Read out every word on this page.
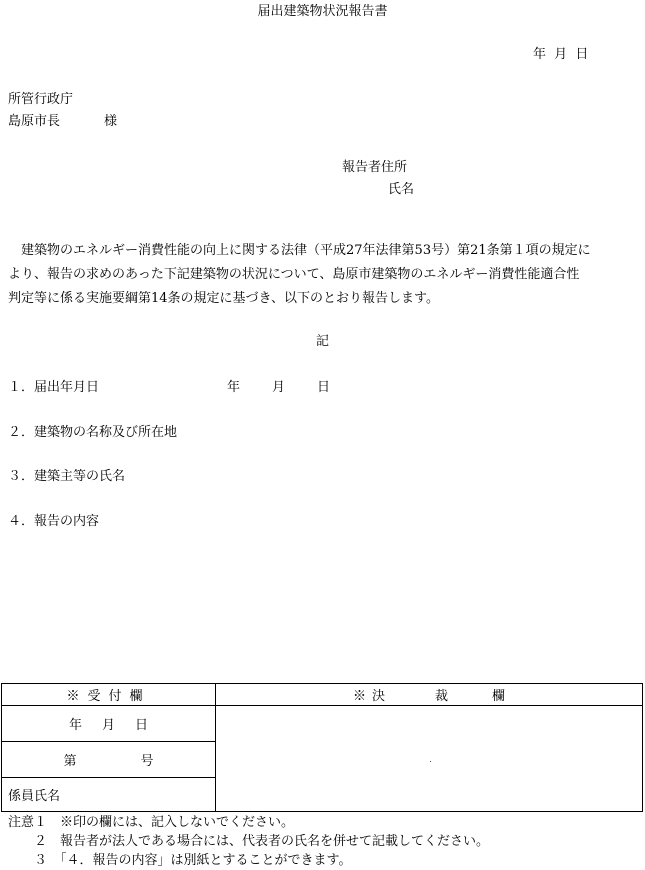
届出建築物状況報告書
年 月 日
所管行政庁
島原市長	様
報告者住所
氏名
　建築物のエネルギー消費性能の向上に関する法律（平成27年法律第53号）第21条第１項の規定に
より、報告の求めのあった下記建築物の状況について、島原市建築物のエネルギー消費性能適合性
判定等に係る実施要綱第14条の規定に基づき、以下のとおり報告します。
記
１．届出年月日	年 月 日
２．建築物の名称及び所在地
３．建築主等の氏名
４．報告の内容
※受付欄	※決 裁 欄
年 月 日	

第 号	
係員氏名	
注意１　※印の欄には、記入しないでください。
　　２　報告者が法人である場合には、代表者の氏名を併せて記載してください。
　　３　「４．報告の内容」は別紙とすることができます。
